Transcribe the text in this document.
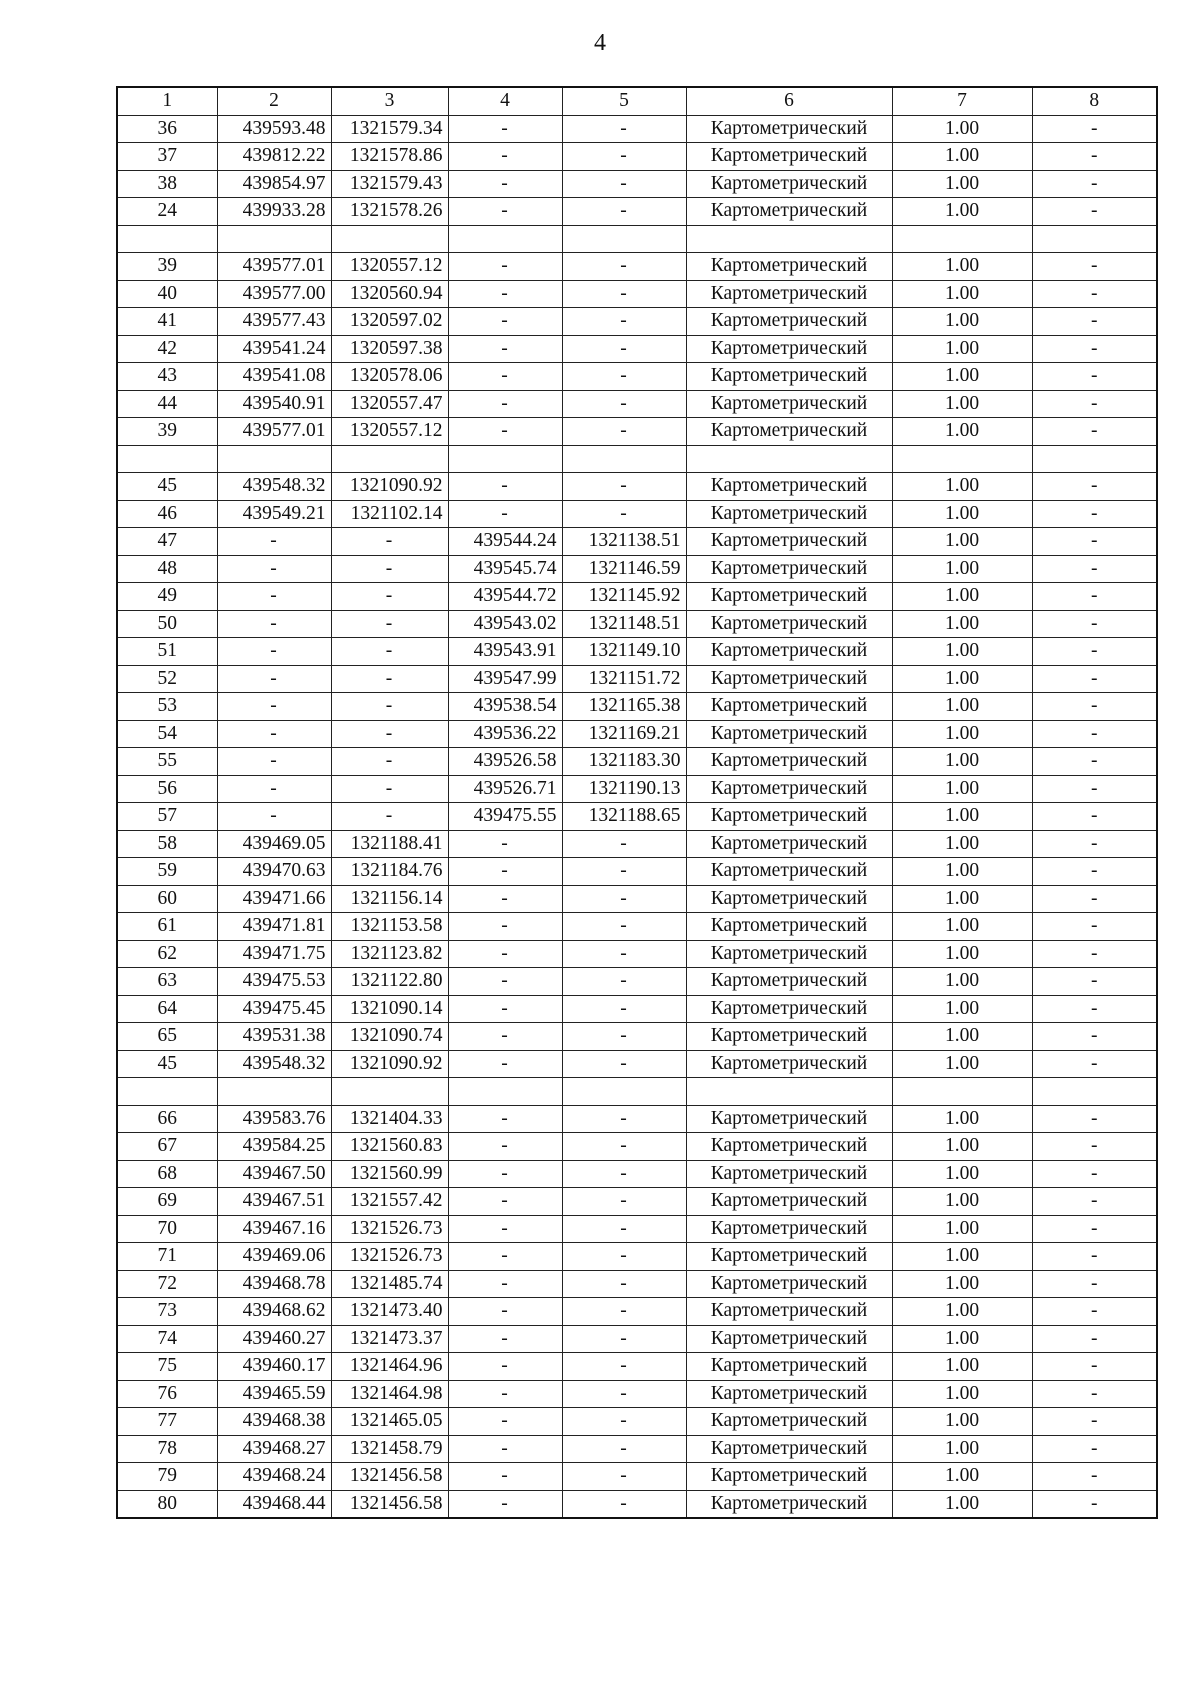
4
1	2	3	4	5	6	7	8
36	439593.48	1321579.34	-	-	Картометрический	1.00	-
37	439812.22	1321578.86	-	-	Картометрический	1.00	-
38	439854.97	1321579.43	-	-	Картометрический	1.00	-
24	439933.28	1321578.26	-	-	Картометрический	1.00	-

39	439577.01	1320557.12	-	-	Картометрический	1.00	-
40	439577.00	1320560.94	-	-	Картометрический	1.00	-
41	439577.43	1320597.02	-	-	Картометрический	1.00	-
42	439541.24	1320597.38	-	-	Картометрический	1.00	-
43	439541.08	1320578.06	-	-	Картометрический	1.00	-
44	439540.91	1320557.47	-	-	Картометрический	1.00	-
39	439577.01	1320557.12	-	-	Картометрический	1.00	-

45	439548.32	1321090.92	-	-	Картометрический	1.00	-
46	439549.21	1321102.14	-	-	Картометрический	1.00	-
47	-	-	439544.24	1321138.51	Картометрический	1.00	-
48	-	-	439545.74	1321146.59	Картометрический	1.00	-
49	-	-	439544.72	1321145.92	Картометрический	1.00	-
50	-	-	439543.02	1321148.51	Картометрический	1.00	-
51	-	-	439543.91	1321149.10	Картометрический	1.00	-
52	-	-	439547.99	1321151.72	Картометрический	1.00	-
53	-	-	439538.54	1321165.38	Картометрический	1.00	-
54	-	-	439536.22	1321169.21	Картометрический	1.00	-
55	-	-	439526.58	1321183.30	Картометрический	1.00	-
56	-	-	439526.71	1321190.13	Картометрический	1.00	-
57	-	-	439475.55	1321188.65	Картометрический	1.00	-
58	439469.05	1321188.41	-	-	Картометрический	1.00	-
59	439470.63	1321184.76	-	-	Картометрический	1.00	-
60	439471.66	1321156.14	-	-	Картометрический	1.00	-
61	439471.81	1321153.58	-	-	Картометрический	1.00	-
62	439471.75	1321123.82	-	-	Картометрический	1.00	-
63	439475.53	1321122.80	-	-	Картометрический	1.00	-
64	439475.45	1321090.14	-	-	Картометрический	1.00	-
65	439531.38	1321090.74	-	-	Картометрический	1.00	-
45	439548.32	1321090.92	-	-	Картометрический	1.00	-

66	439583.76	1321404.33	-	-	Картометрический	1.00	-
67	439584.25	1321560.83	-	-	Картометрический	1.00	-
68	439467.50	1321560.99	-	-	Картометрический	1.00	-
69	439467.51	1321557.42	-	-	Картометрический	1.00	-
70	439467.16	1321526.73	-	-	Картометрический	1.00	-
71	439469.06	1321526.73	-	-	Картометрический	1.00	-
72	439468.78	1321485.74	-	-	Картометрический	1.00	-
73	439468.62	1321473.40	-	-	Картометрический	1.00	-
74	439460.27	1321473.37	-	-	Картометрический	1.00	-
75	439460.17	1321464.96	-	-	Картометрический	1.00	-
76	439465.59	1321464.98	-	-	Картометрический	1.00	-
77	439468.38	1321465.05	-	-	Картометрический	1.00	-
78	439468.27	1321458.79	-	-	Картометрический	1.00	-
79	439468.24	1321456.58	-	-	Картометрический	1.00	-
80	439468.44	1321456.58	-	-	Картометрический	1.00	-
